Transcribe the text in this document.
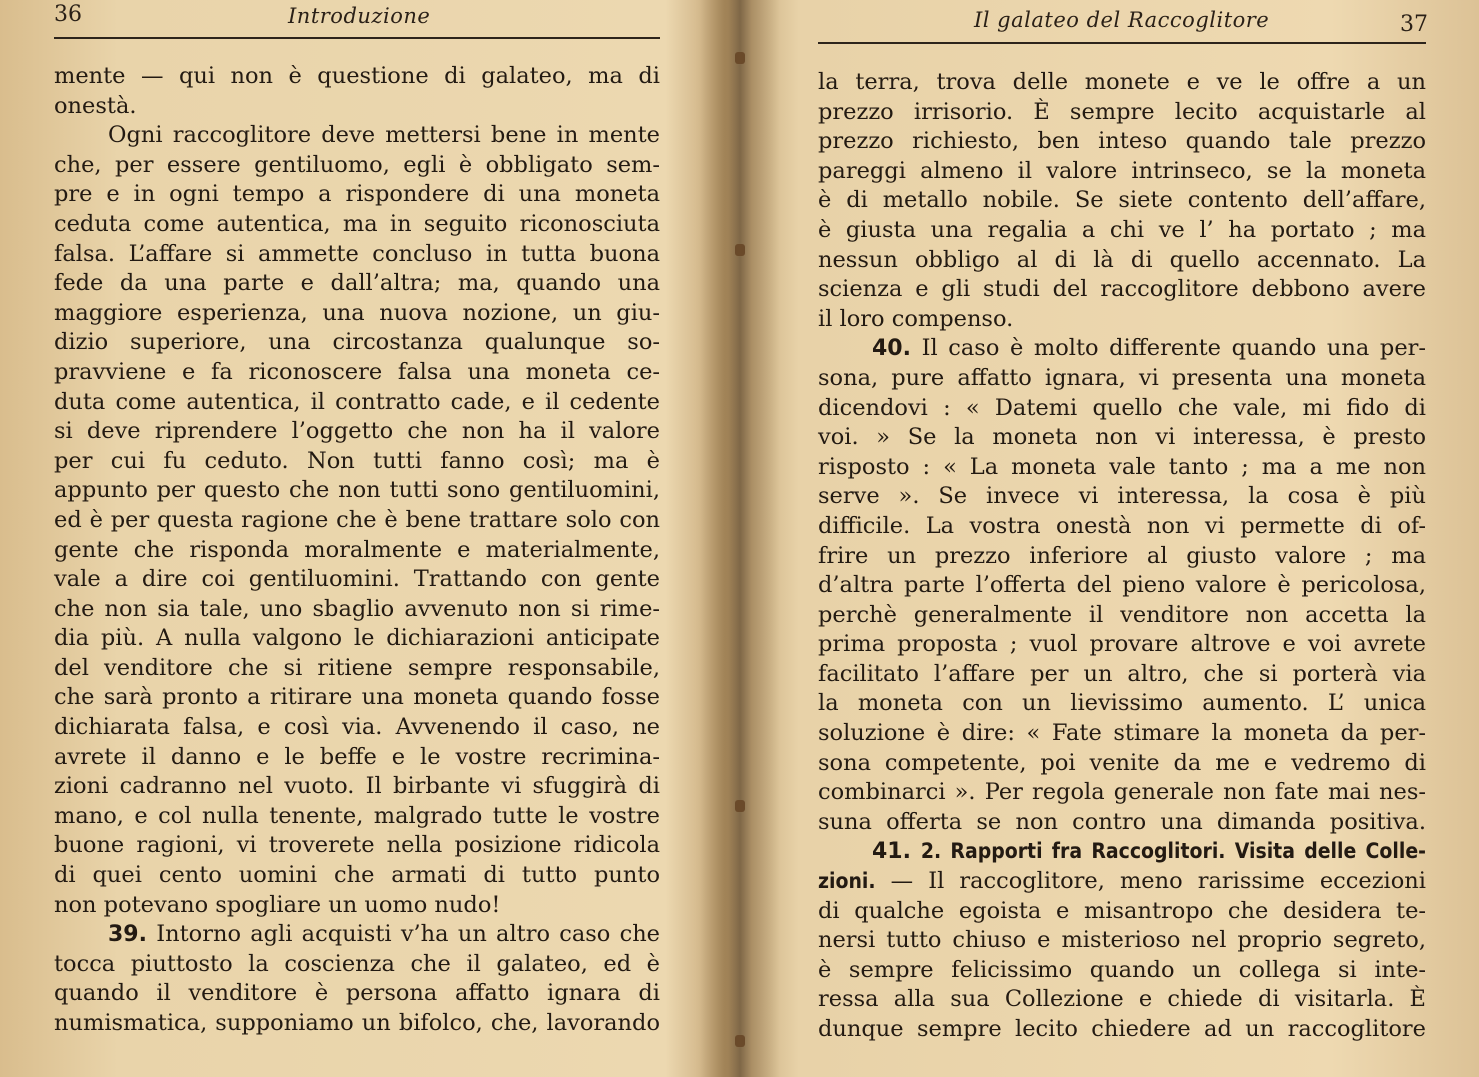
36	Introduzione
mente — qui non è questione di galateo, ma di
onestà.
Ogni raccoglitore deve mettersi bene in mente
che, per essere gentiluomo, egli è obbligato sem-
pre e in ogni tempo a rispondere di una moneta
ceduta come autentica, ma in seguito riconosciuta
falsa. L’affare si ammette concluso in tutta buona
fede da una parte e dall’altra; ma, quando una
maggiore esperienza, una nuova nozione, un giu-
dizio superiore, una circostanza qualunque so-
pravviene e fa riconoscere falsa una moneta ce-
duta come autentica, il contratto cade, e il cedente
si deve riprendere l’oggetto che non ha il valore
per cui fu ceduto. Non tutti fanno così; ma è
appunto per questo che non tutti sono gentiluomini,
ed è per questa ragione che è bene trattare solo con
gente che risponda moralmente e materialmente,
vale a dire coi gentiluomini. Trattando con gente
che non sia tale, uno sbaglio avvenuto non si rime-
dia più. A nulla valgono le dichiarazioni anticipate
del venditore che si ritiene sempre responsabile,
che sarà pronto a ritirare una moneta quando fosse
dichiarata falsa, e così via. Avvenendo il caso, ne
avrete il danno e le beffe e le vostre recrimina-
zioni cadranno nel vuoto. Il birbante vi sfuggirà di
mano, e col nulla tenente, malgrado tutte le vostre
buone ragioni, vi troverete nella posizione ridicola
di quei cento uomini che armati di tutto punto
non potevano spogliare un uomo nudo!
39. Intorno agli acquisti v’ha un altro caso che
tocca piuttosto la coscienza che il galateo, ed è
quando il venditore è persona affatto ignara di
numismatica, supponiamo un bifolco, che, lavorando
Il galateo del Raccoglitore	37
la terra, trova delle monete e ve le offre a un
prezzo irrisorio. È sempre lecito acquistarle al
prezzo richiesto, ben inteso quando tale prezzo
pareggi almeno il valore intrinseco, se la moneta
è di metallo nobile. Se siete contento dell’affare,
è giusta una regalia a chi ve l’ ha portato ; ma
nessun obbligo al di là di quello accennato. La
scienza e gli studi del raccoglitore debbono avere
il loro compenso.
40. Il caso è molto differente quando una per-
sona, pure affatto ignara, vi presenta una moneta
dicendovi : « Datemi quello che vale, mi fido di
voi. » Se la moneta non vi interessa, è presto
risposto : « La moneta vale tanto ; ma a me non
serve ». Se invece vi interessa, la cosa è più
difficile. La vostra onestà non vi permette di of-
frire un prezzo inferiore al giusto valore ; ma
d’altra parte l’offerta del pieno valore è pericolosa,
perchè generalmente il venditore non accetta la
prima proposta ; vuol provare altrove e voi avrete
facilitato l’affare per un altro, che si porterà via
la moneta con un lievissimo aumento. L’ unica
soluzione è dire: « Fate stimare la moneta da per-
sona competente, poi venite da me e vedremo di
combinarci ». Per regola generale non fate mai nes-
suna offerta se non contro una dimanda positiva.
41. 2. Rapporti fra Raccoglitori. Visita delle Colle-
zioni. — Il raccoglitore, meno rarissime eccezioni
di qualche egoista e misantropo che desidera te-
nersi tutto chiuso e misterioso nel proprio segreto,
è sempre felicissimo quando un collega si inte-
ressa alla sua Collezione e chiede di visitarla. È
dunque sempre lecito chiedere ad un raccoglitore
